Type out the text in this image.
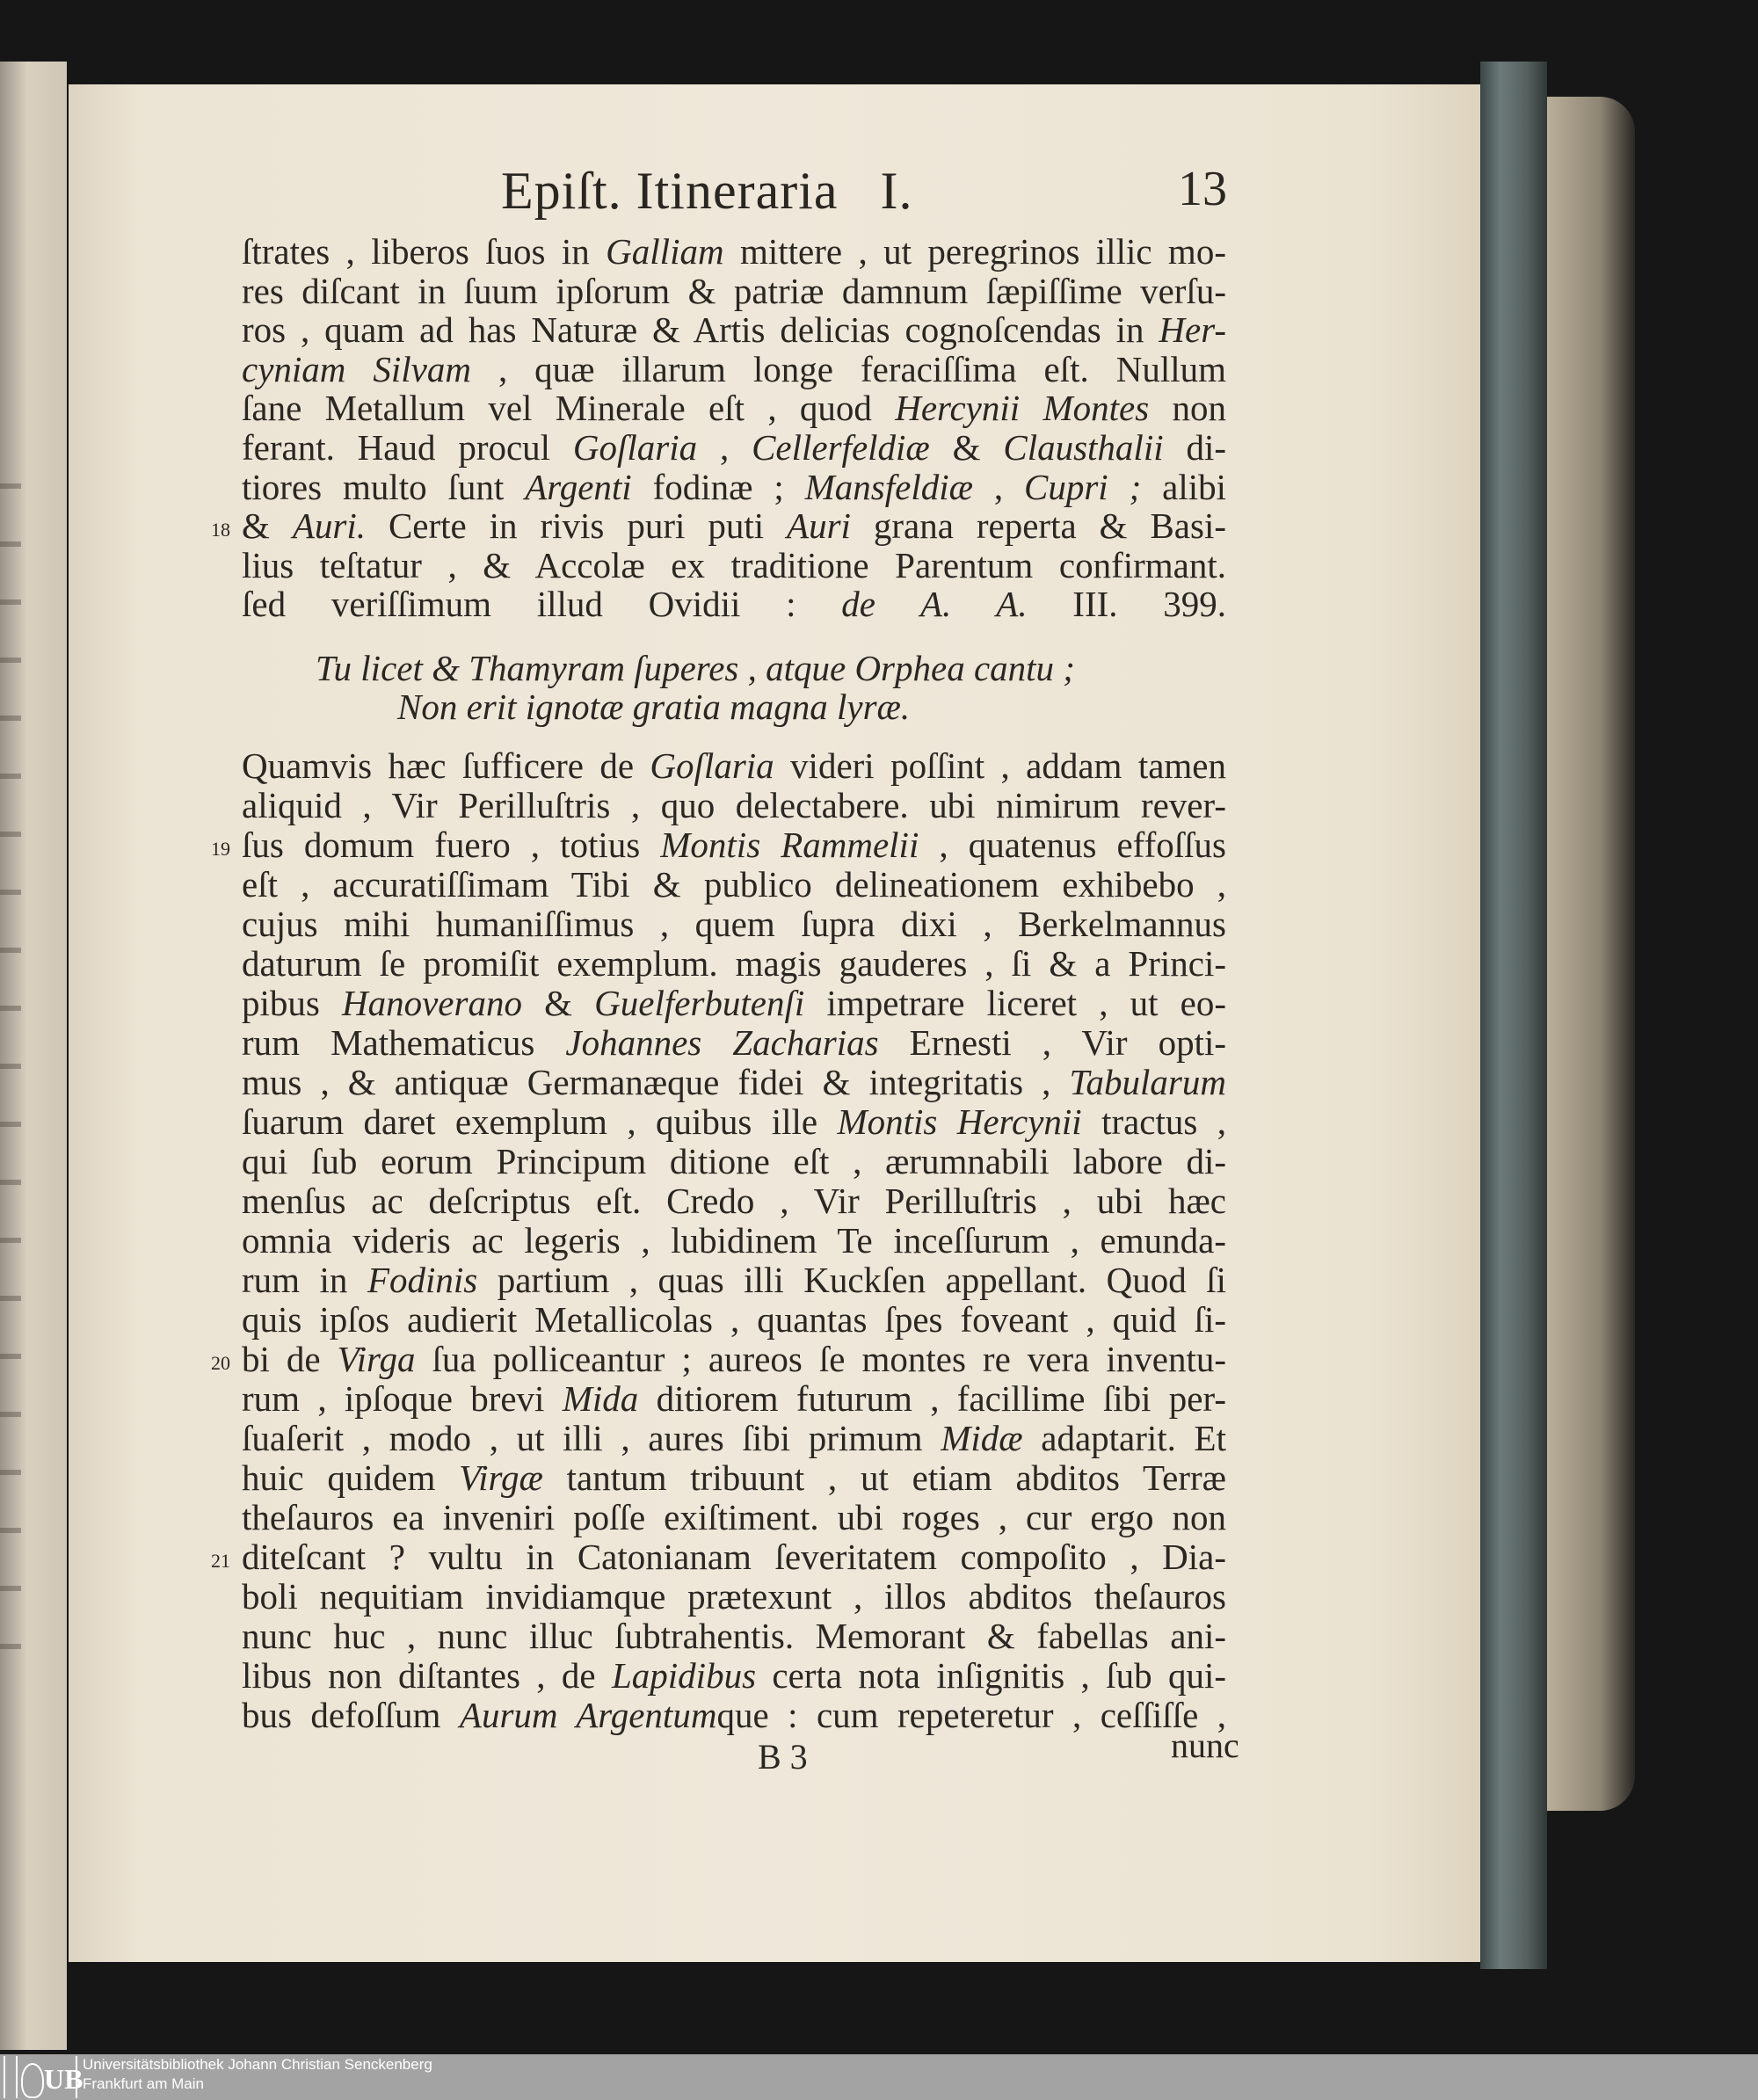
Epiſt. Itineraria   I.	13
ſtrates , liberos ſuos in Galliam mittere , ut peregrinos illic mo-
res diſcant in ſuum ipſorum & patriæ damnum ſæpiſſime verſu-
ros , quam ad has Naturæ & Artis delicias cognoſcendas in Her-
cyniam Silvam , quæ illarum longe feraciſſima eſt. Nullum
ſane Metallum vel Minerale eſt , quod Hercynii Montes non
ferant. Haud procul Goſlaria , Cellerfeldiæ & Clausthalii di-
tiores multo ſunt Argenti fodinæ ; Mansfeldiæ , Cupri ; alibi
& Auri. Certe in rivis puri puti Auri grana reperta & Basi-
18
lius teſtatur , & Accolæ ex traditione Parentum confirmant.
ſed veriſſimum illud Ovidii : de A. A. III. 399.
Tu licet & Thamyram ſuperes , atque Orphea cantu ;
Non erit ignotæ gratia magna lyræ.
Quamvis hæc ſufficere de Goſlaria videri poſſint , addam tamen
aliquid , Vir Perilluſtris , quo delectabere. ubi nimirum rever-
ſus domum fuero , totius Montis Rammelii , quatenus effoſſus
19
eſt , accuratiſſimam Tibi & publico delineationem exhibebo ,
cujus mihi humaniſſimus , quem ſupra dixi , Berkelmannus
daturum ſe promiſit exemplum. magis gauderes , ſi & a Princi-
pibus Hanoverano & Guelferbutenſi impetrare liceret , ut eo-
rum Mathematicus Johannes Zacharias Ernesti , Vir opti-
mus , & antiquæ Germanæque fidei & integritatis , Tabularum
ſuarum daret exemplum , quibus ille Montis Hercynii tractus ,
qui ſub eorum Principum ditione eſt , ærumnabili labore di-
menſus ac deſcriptus eſt. Credo , Vir Perilluſtris , ubi hæc
omnia videris ac legeris , lubidinem Te inceſſurum , emunda-
rum in Fodinis partium , quas illi Kuckſen appellant. Quod ſi
quis ipſos audierit Metallicolas , quantas ſpes foveant , quid ſi-
bi de Virga ſua polliceantur ; aureos ſe montes re vera inventu-
20
rum , ipſoque brevi Mida ditiorem futurum , facillime ſibi per-
ſuaſerit , modo , ut illi , aures ſibi primum Midæ adaptarit. Et
huic quidem Virgæ tantum tribuunt , ut etiam abditos Terræ
theſauros ea inveniri poſſe exiſtiment. ubi roges , cur ergo non
diteſcant ? vultu in Catonianam ſeveritatem compoſito , Dia-
21
boli nequitiam invidiamque prætexunt , illos abditos theſauros
nunc huc , nunc illuc ſubtrahentis. Memorant & fabellas ani-
libus non diſtantes , de Lapidibus certa nota inſignitis , ſub qui-
bus defoſſum Aurum Argentumque : cum repeteretur , ceſſiſſe ,
B 3	nunc
UB Universitätsbibliothek Johann Christian Senckenberg
Frankfurt am Main
